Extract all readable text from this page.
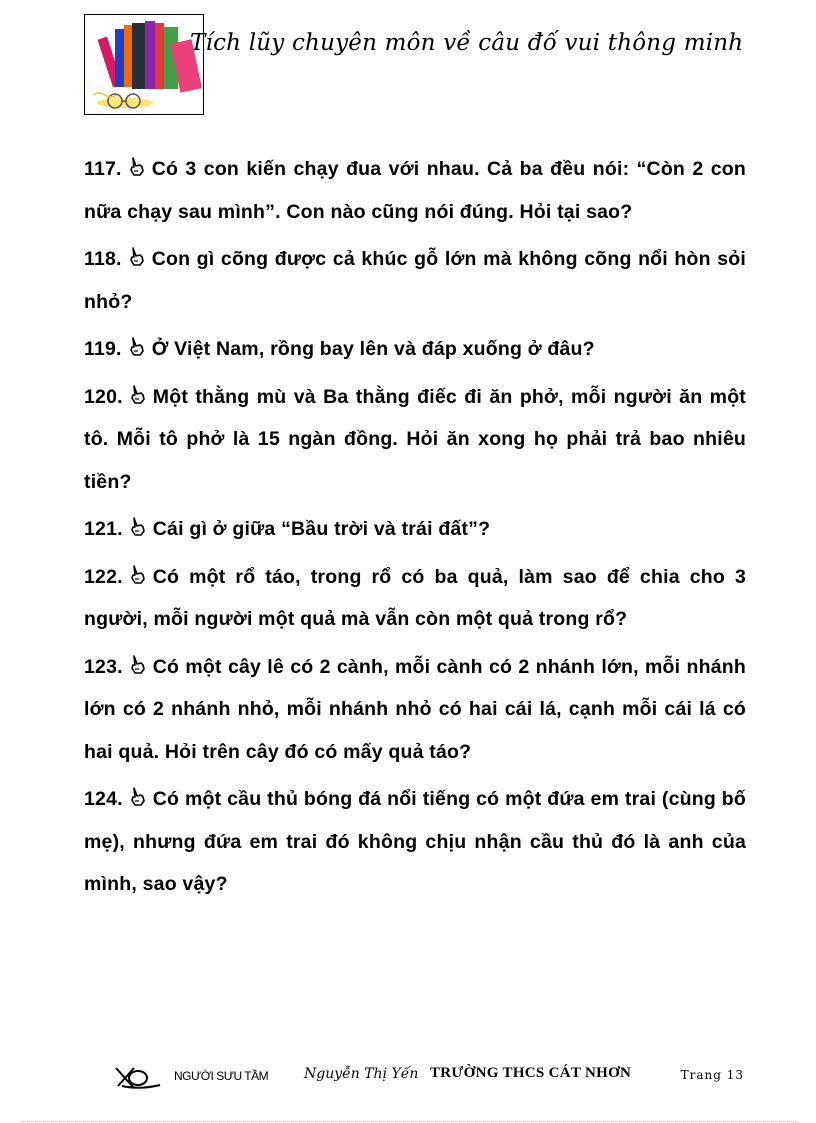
Tích lũy chuyên môn về câu đố vui thông minh

117. Có 3 con kiến chạy đua với nhau. Cả ba đều nói: “Còn 2 con nữa chạy sau mình”. Con nào cũng nói đúng. Hỏi tại sao?

118. Con gì cõng được cả khúc gỗ lớn mà không cõng nổi hòn sỏi nhỏ?

119. Ở Việt Nam, rồng bay lên và đáp xuống ở đâu?

120. Một thằng mù và Ba thằng điếc đi ăn phở, mỗi người ăn một tô. Mỗi tô phở là 15 ngàn đồng. Hỏi ăn xong họ phải trả bao nhiêu tiền?

121. Cái gì ở giữa “Bầu trời và trái đất”?

122. Có một rổ táo, trong rổ có ba quả, làm sao để chia cho 3 người, mỗi người một quả mà vẫn còn một quả trong rổ?

123. Có một cây lê có 2 cành, mỗi cành có 2 nhánh lớn, mỗi nhánh lớn có 2 nhánh nhỏ, mỗi nhánh nhỏ có hai cái lá, cạnh mỗi cái lá có hai quả. Hỏi trên cây đó có mấy quả táo?

124. Có một cầu thủ bóng đá nổi tiếng có một đứa em trai (cùng bố mẹ), nhưng đứa em trai đó không chịu nhận cầu thủ đó là anh của mình, sao vậy?

NGƯỜI SƯU TẦM	Nguyễn Thị Yến TRƯỜNG THCS CÁT NHƠN	Trang 13
